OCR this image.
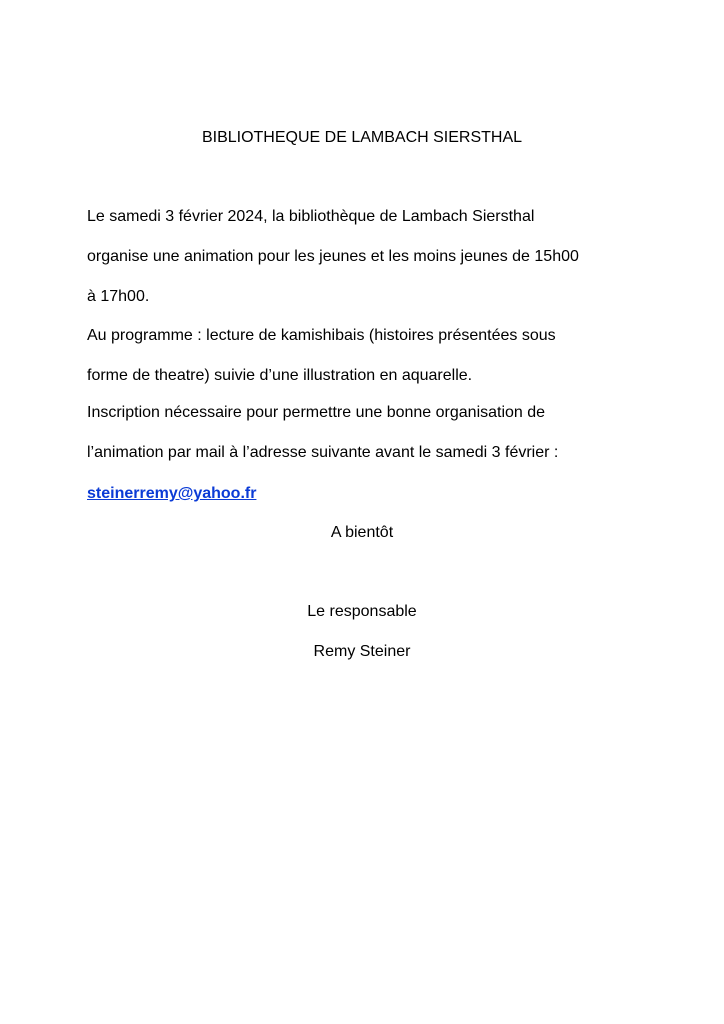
BIBLIOTHEQUE DE LAMBACH SIERSTHAL
Le samedi 3 février 2024, la bibliothèque de Lambach Siersthal
organise une animation pour les jeunes et les moins jeunes de 15h00
à 17h00.
Au programme : lecture de kamishibais (histoires présentées sous
forme de theatre) suivie d’une illustration en aquarelle.
Inscription nécessaire pour permettre une bonne organisation de
l’animation par mail à l’adresse suivante avant le samedi 3 février :
steinerremy@yahoo.fr
A bientôt
Le responsable
Remy Steiner
